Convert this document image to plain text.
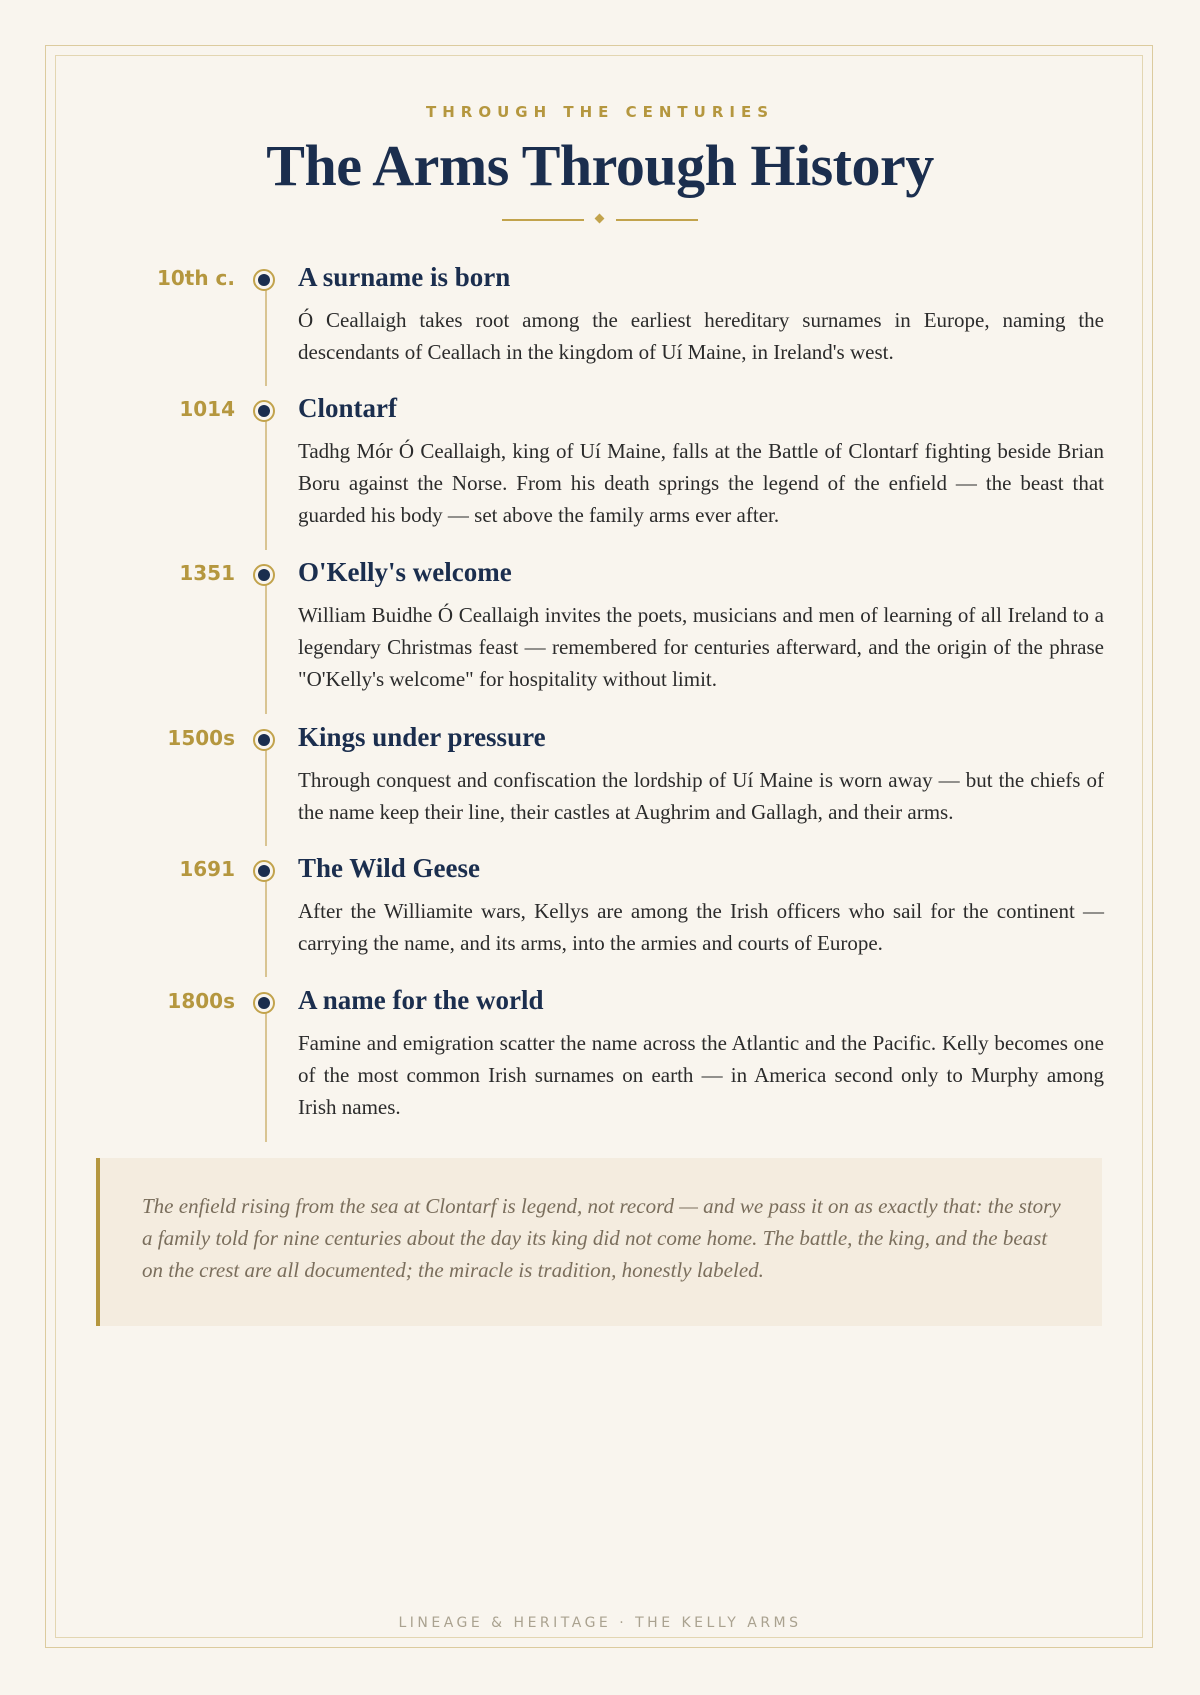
THROUGH THE CENTURIES
The Arms Through History
10th c. A surname is born
Ó Ceallaigh takes root among the earliest hereditary surnames in Europe, naming the descendants of Ceallach in the kingdom of Uí Maine, in Ireland's west.
1014 Clontarf
Tadhg Mór Ó Ceallaigh, king of Uí Maine, falls at the Battle of Clontarf fighting beside Brian Boru against the Norse. From his death springs the legend of the enfield — the beast that guarded his body — set above the family arms ever after.
1351 O'Kelly's welcome
William Buidhe Ó Ceallaigh invites the poets, musicians and men of learning of all Ireland to a legendary Christmas feast — remembered for centuries afterward, and the origin of the phrase "O'Kelly's welcome" for hospitality without limit.
1500s Kings under pressure
Through conquest and confiscation the lordship of Uí Maine is worn away — but the chiefs of the name keep their line, their castles at Aughrim and Gallagh, and their arms.
1691 The Wild Geese
After the Williamite wars, Kellys are among the Irish officers who sail for the continent — carrying the name, and its arms, into the armies and courts of Europe.
1800s A name for the world
Famine and emigration scatter the name across the Atlantic and the Pacific. Kelly becomes one of the most common Irish surnames on earth — in America second only to Murphy among Irish names.
The enfield rising from the sea at Clontarf is legend, not record — and we pass it on as exactly that: the story a family told for nine centuries about the day its king did not come home. The battle, the king, and the beast on the crest are all documented; the miracle is tradition, honestly labeled.
LINEAGE & HERITAGE · THE KELLY ARMS
